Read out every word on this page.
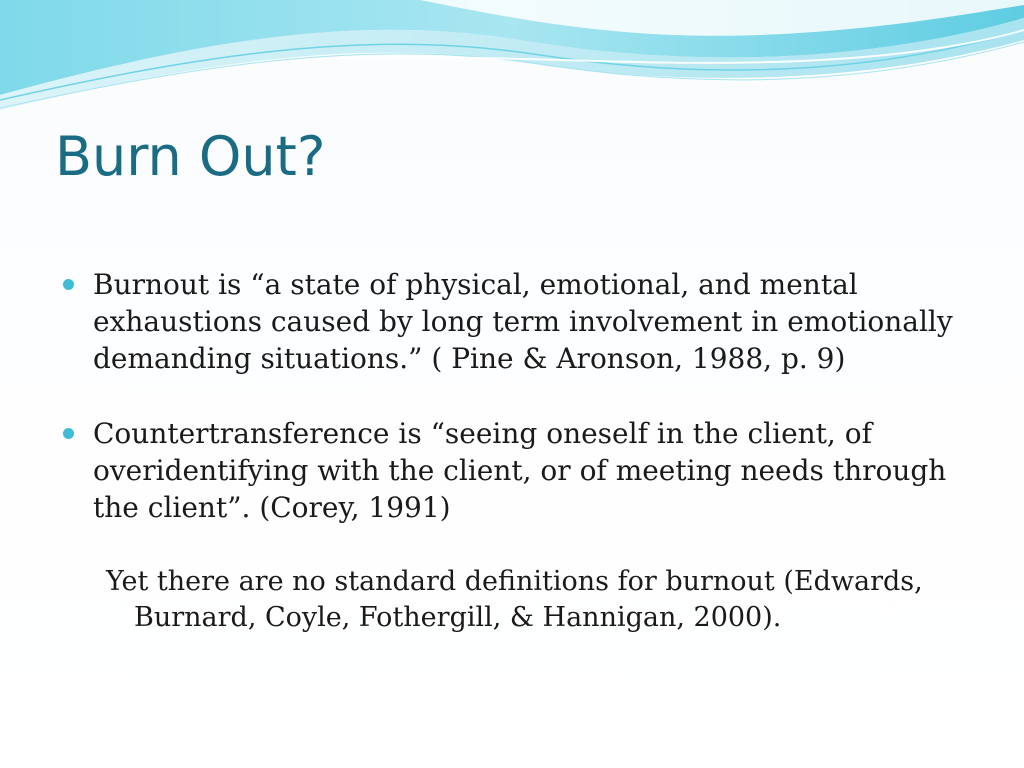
Burn Out?

Burnout is “a state of physical, emotional, and mental exhaustions caused by long term involvement in emotionally demanding situations.” ( Pine & Aronson, 1988, p. 9)

Countertransference is “seeing oneself in the client, of overidentifying with the client, or of meeting needs through the client”. (Corey, 1991)

Yet there are no standard definitions for burnout (Edwards, Burnard, Coyle, Fothergill, & Hannigan, 2000).
